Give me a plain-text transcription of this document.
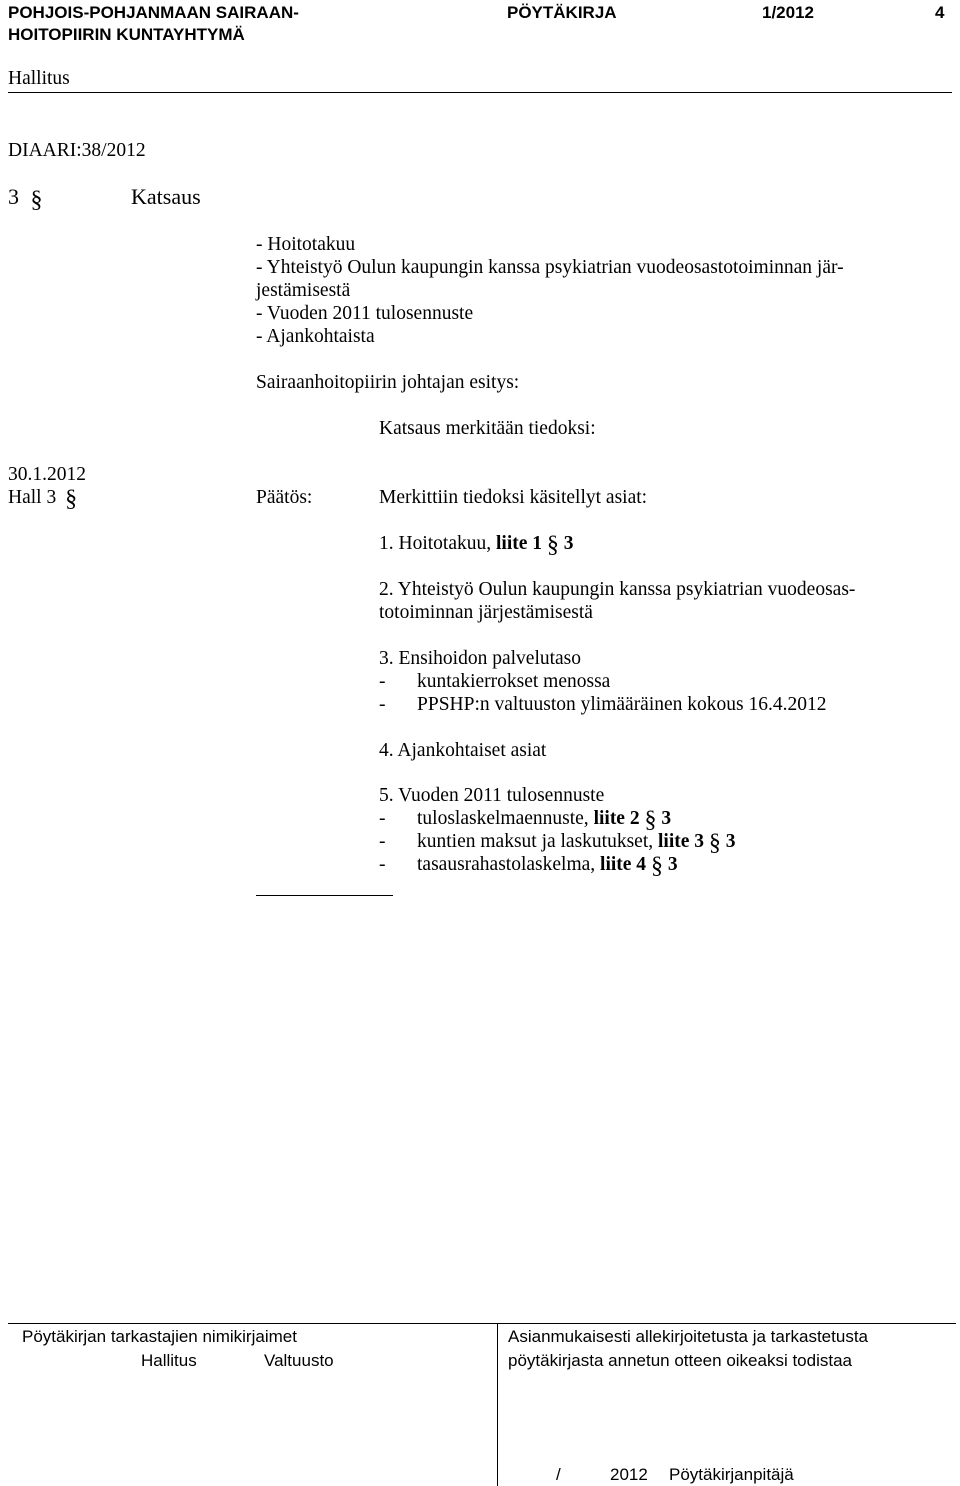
POHJOIS-POHJANMAAN SAIRAAN-
HOITOPIIRIN KUNTAYHTYMÄ
PÖYTÄKIRJA	1/2012	4
Hallitus
DIAARI:38/2012
3 §	Katsaus
- Hoitotakuu
- Yhteistyö Oulun kaupungin kanssa psykiatrian vuodeosastotoiminnan jär-
jestämisestä
- Vuoden 2011 tulosennuste
- Ajankohtaista
Sairaanhoitopiirin johtajan esitys:
Katsaus merkitään tiedoksi:
30.1.2012
Hall 3 §	Päätös:	Merkittiin tiedoksi käsitellyt asiat:
1. Hoitotakuu, liite 1 § 3
2. Yhteistyö Oulun kaupungin kanssa psykiatrian vuodeosas-
totoiminnan järjestämisestä
3. Ensihoidon palvelutaso
- kuntakierrokset menossa
- PPSHP:n valtuuston ylimääräinen kokous 16.4.2012
4. Ajankohtaiset asiat
5. Vuoden 2011 tulosennuste
- tuloslaskelmaennuste, liite 2 § 3
- kuntien maksut ja laskutukset, liite 3 § 3
- tasausrahastolaskelma, liite 4 § 3
Pöytäkirjan tarkastajien nimikirjaimet
Hallitus	Valtuusto
Asianmukaisesti allekirjoitetusta ja tarkastetusta
pöytäkirjasta annetun otteen oikeaksi todistaa
/	2012 Pöytäkirjanpitäjä
